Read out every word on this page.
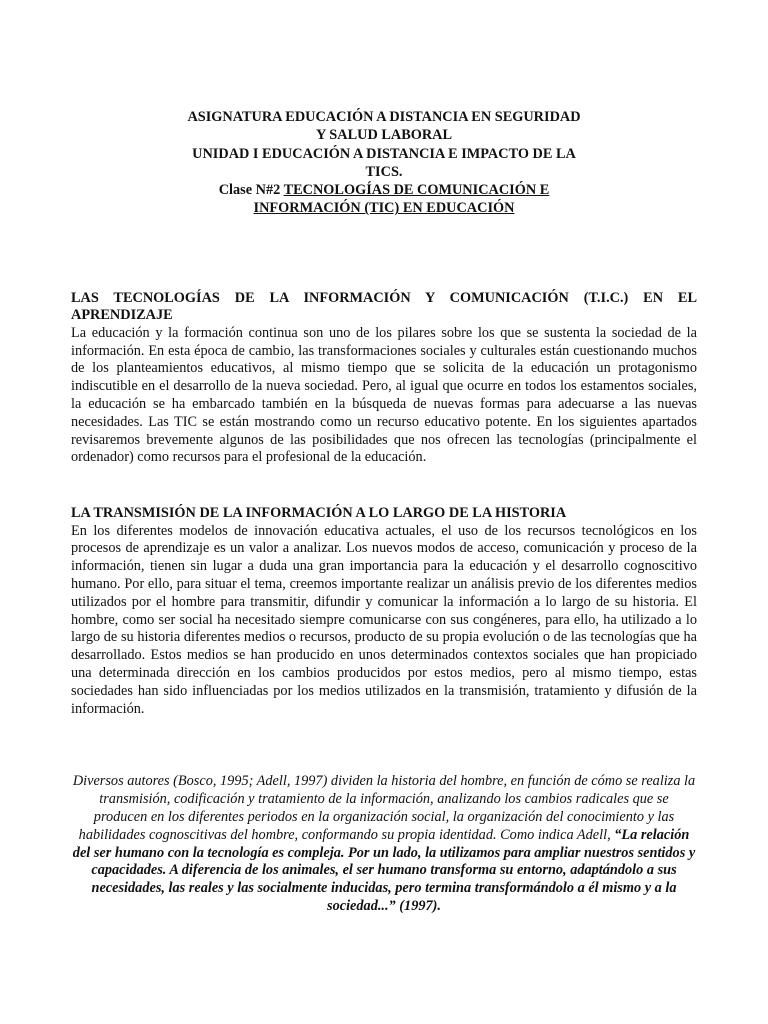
ASIGNATURA EDUCACIÓN A DISTANCIA EN SEGURIDAD
Y SALUD LABORAL
UNIDAD I EDUCACIÓN A DISTANCIA E IMPACTO DE LA
TICS.
Clase N#2 TECNOLOGÍAS DE COMUNICACIÓN E
INFORMACIÓN (TIC) EN EDUCACIÓN

LAS TECNOLOGÍAS DE LA INFORMACIÓN Y COMUNICACIÓN (T.I.C.) EN EL APRENDIZAJE

La educación y la formación continua son uno de los pilares sobre los que se sustenta la sociedad de la información. En esta época de cambio, las transformaciones sociales y culturales están cuestionando muchos de los planteamientos educativos, al mismo tiempo que se solicita de la educación un protagonismo indiscutible en el desarrollo de la nueva sociedad. Pero, al igual que ocurre en todos los estamentos sociales, la educación se ha embarcado también en la búsqueda de nuevas formas para adecuarse a las nuevas necesidades. Las TIC se están mostrando como un recurso educativo potente. En los siguientes apartados revisaremos brevemente algunos de las posibilidades que nos ofrecen las tecnologías (principalmente el ordenador) como recursos para el profesional de la educación.

LA TRANSMISIÓN DE LA INFORMACIÓN A LO LARGO DE LA HISTORIA

En los diferentes modelos de innovación educativa actuales, el uso de los recursos tecnológicos en los procesos de aprendizaje es un valor a analizar. Los nuevos modos de acceso, comunicación y proceso de la información, tienen sin lugar a duda una gran importancia para la educación y el desarrollo cognoscitivo humano. Por ello, para situar el tema, creemos importante realizar un análisis previo de los diferentes medios utilizados por el hombre para transmitir, difundir y comunicar la información a lo largo de su historia. El hombre, como ser social ha necesitado siempre comunicarse con sus congéneres, para ello, ha utilizado a lo largo de su historia diferentes medios o recursos, producto de su propia evolución o de las tecnologías que ha desarrollado. Estos medios se han producido en unos determinados contextos sociales que han propiciado una determinada dirección en los cambios producidos por estos medios, pero al mismo tiempo, estas sociedades han sido influenciadas por los medios utilizados en la transmisión, tratamiento y difusión de la información.

Diversos autores (Bosco, 1995; Adell, 1997) dividen la historia del hombre, en función de cómo se realiza la transmisión, codificación y tratamiento de la información, analizando los cambios radicales que se producen en los diferentes periodos en la organización social, la organización del conocimiento y las habilidades cognoscitivas del hombre, conformando su propia identidad. Como indica Adell, “La relación del ser humano con la tecnología es compleja. Por un lado, la utilizamos para ampliar nuestros sentidos y capacidades. A diferencia de los animales, el ser humano transforma su entorno, adaptándolo a sus necesidades, las reales y las socialmente inducidas, pero termina transformándolo a él mismo y a la sociedad...” (1997).
